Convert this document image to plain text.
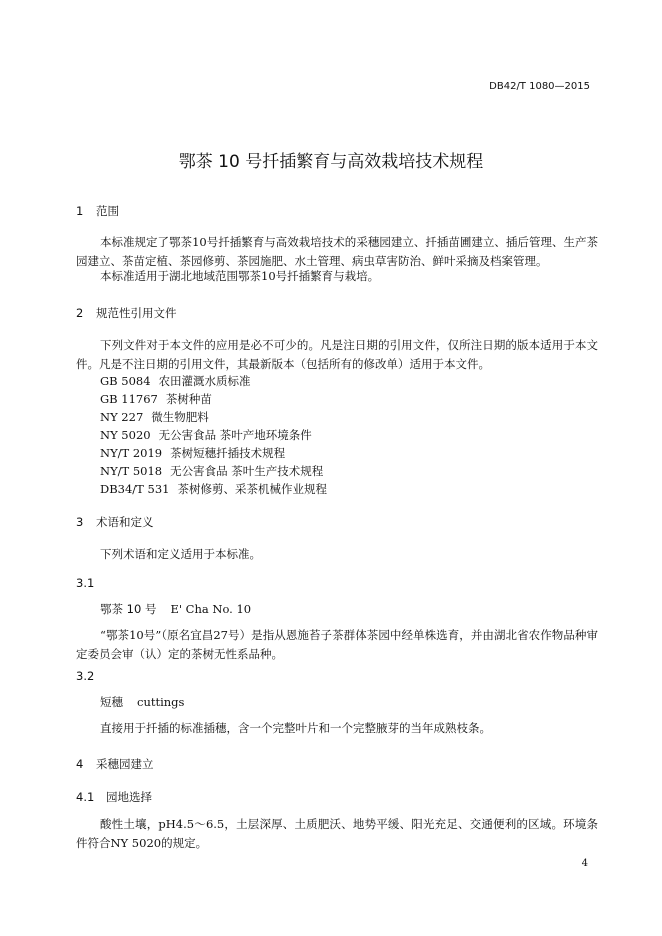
DB42/T 1080—2015
鄂茶 10 号扦插繁育与高效栽培技术规程
1 范围
本标准规定了鄂茶10号扦插繁育与高效栽培技术的采穗园建立、扦插苗圃建立、插后管理、生产茶园建立、茶苗定植、茶园修剪、茶园施肥、水土管理、病虫草害防治、鲜叶采摘及档案管理。
本标准适用于湖北地域范围鄂茶10号扦插繁育与栽培。
2 规范性引用文件
下列文件对于本文件的应用是必不可少的。凡是注日期的引用文件，仅所注日期的版本适用于本文件。凡是不注日期的引用文件，其最新版本（包括所有的修改单）适用于本文件。
GB 5084 农田灌溉水质标准
GB 11767 茶树种苗
NY 227 微生物肥料
NY 5020 无公害食品 茶叶产地环境条件
NY/T 2019 茶树短穗扦插技术规程
NY/T 5018 无公害食品 茶叶生产技术规程
DB34/T 531 茶树修剪、采茶机械作业规程
3 术语和定义
下列术语和定义适用于本标准。
3.1
鄂茶 10 号 E' Cha No. 10
“鄂茶10号”（原名宜昌27号）是指从恩施苔子茶群体茶园中经单株选育，并由湖北省农作物品种审定委员会审（认）定的茶树无性系品种。
3.2
短穗 cuttings
直接用于扦插的标准插穗，含一个完整叶片和一个完整腋芽的当年成熟枝条。
4 采穗园建立
4.1 园地选择
酸性土壤，pH4.5～6.5，土层深厚、土质肥沃、地势平缓、阳光充足、交通便利的区域。环境条件符合NY 5020的规定。
4
